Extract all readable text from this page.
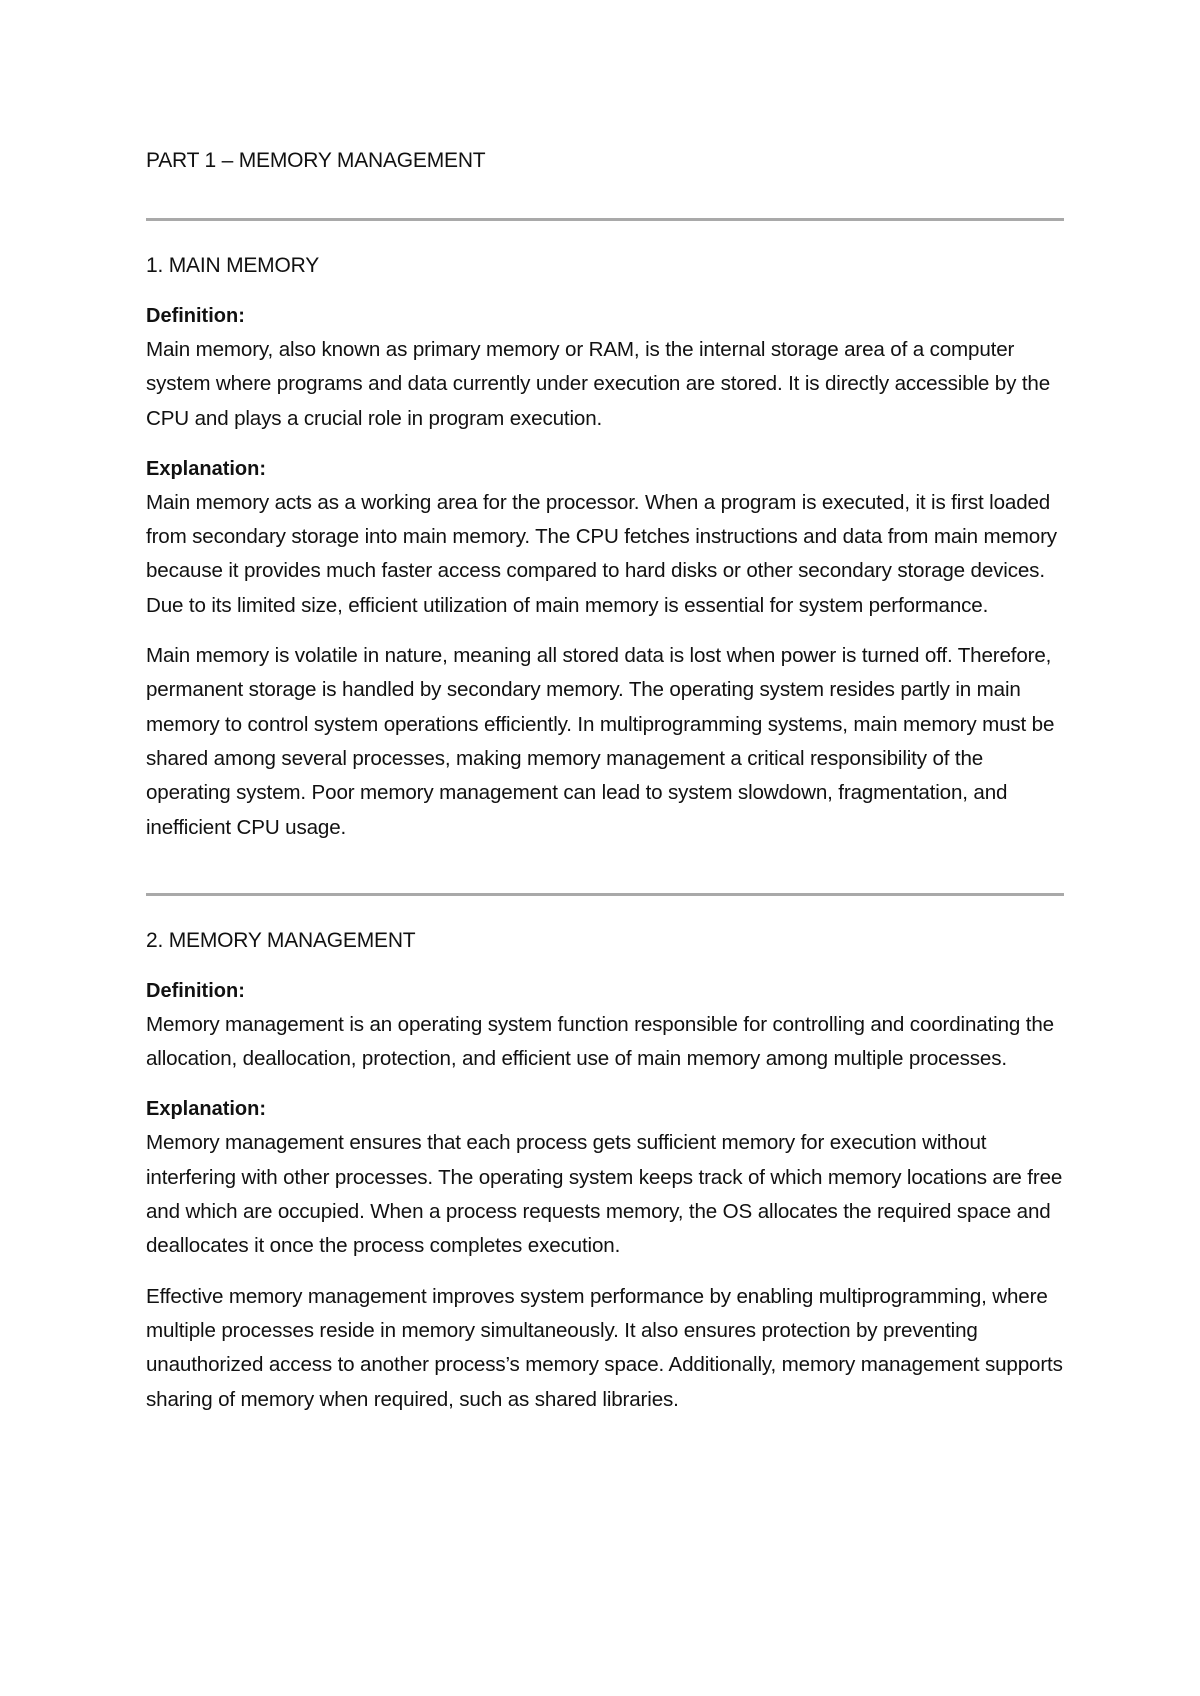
PART 1 – MEMORY MANAGEMENT
1. MAIN MEMORY

Definition:

Main memory, also known as primary memory or RAM, is the internal storage area of a computer system where programs and data currently under execution are stored. It is directly accessible by the CPU and plays a crucial role in program execution.

Explanation:

Main memory acts as a working area for the processor. When a program is executed, it is first loaded from secondary storage into main memory. The CPU fetches instructions and data from main memory because it provides much faster access compared to hard disks or other secondary storage devices. Due to its limited size, efficient utilization of main memory is essential for system performance.

Main memory is volatile in nature, meaning all stored data is lost when power is turned off. Therefore, permanent storage is handled by secondary memory. The operating system resides partly in main memory to control system operations efficiently. In multiprogramming systems, main memory must be shared among several processes, making memory management a critical responsibility of the operating system. Poor memory management can lead to system slowdown, fragmentation, and inefficient CPU usage.

2. MEMORY MANAGEMENT

Definition:

Memory management is an operating system function responsible for controlling and coordinating the allocation, deallocation, protection, and efficient use of main memory among multiple processes.

Explanation:

Memory management ensures that each process gets sufficient memory for execution without interfering with other processes. The operating system keeps track of which memory locations are free and which are occupied. When a process requests memory, the OS allocates the required space and deallocates it once the process completes execution.

Effective memory management improves system performance by enabling multiprogramming, where multiple processes reside in memory simultaneously. It also ensures protection by preventing unauthorized access to another process’s memory space. Additionally, memory management supports sharing of memory when required, such as shared libraries.
